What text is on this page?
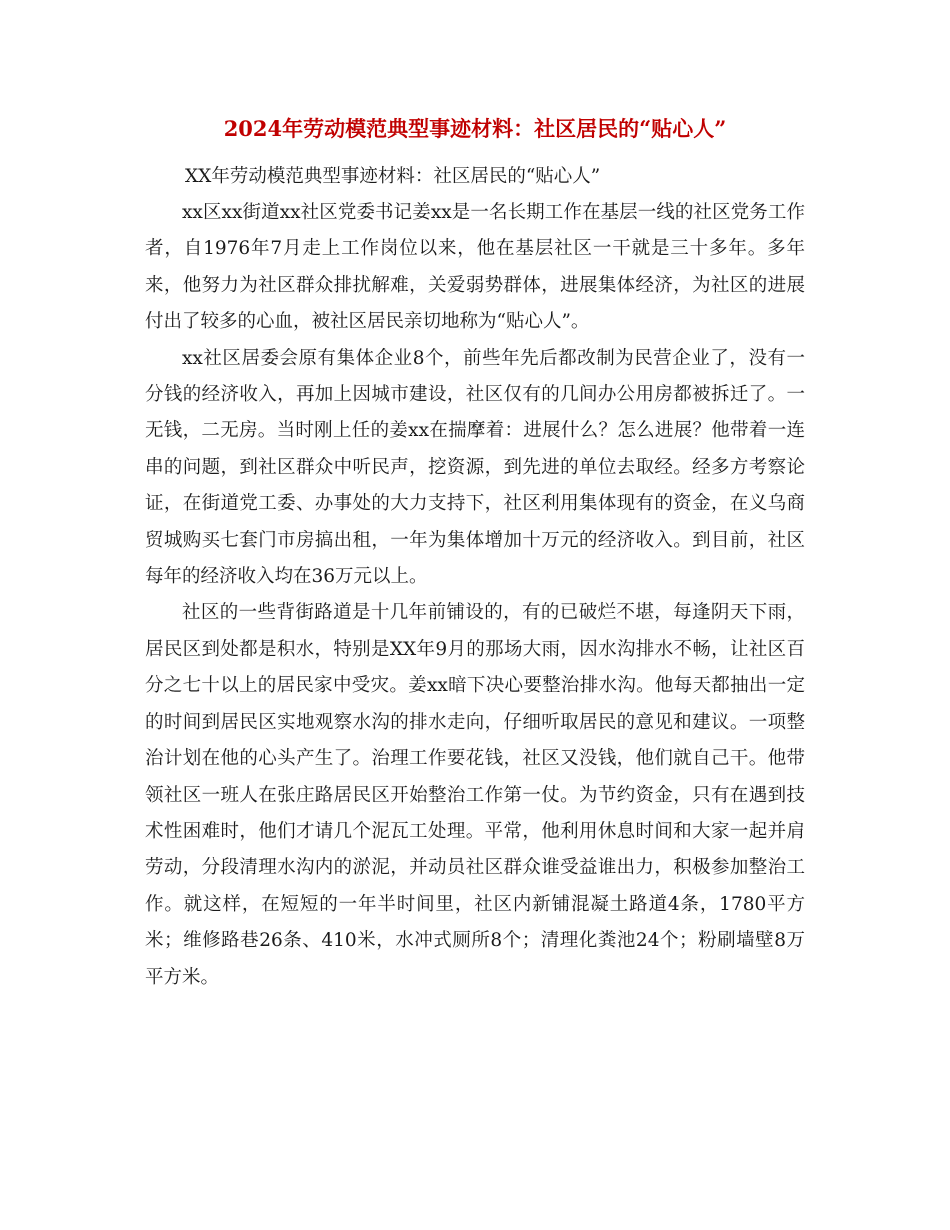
2024年劳动模范典型事迹材料：社区居民的“贴心人”

XX年劳动模范典型事迹材料：社区居民的“贴心人”

xx区xx街道xx社区党委书记姜xx是一名长期工作在基层一线的社区党务工作者，自1976年7月走上工作岗位以来，他在基层社区一干就是三十多年。多年来，他努力为社区群众排扰解难，关爱弱势群体，进展集体经济，为社区的进展付出了较多的心血，被社区居民亲切地称为“贴心人”。

xx社区居委会原有集体企业8个，前些年先后都改制为民营企业了，没有一分钱的经济收入，再加上因城市建设，社区仅有的几间办公用房都被拆迁了。一无钱，二无房。当时刚上任的姜xx在揣摩着：进展什么？怎么进展？他带着一连串的问题，到社区群众中听民声，挖资源，到先进的单位去取经。经多方考察论证，在街道党工委、办事处的大力支持下，社区利用集体现有的资金，在义乌商贸城购买七套门市房搞出租，一年为集体增加十万元的经济收入。到目前，社区每年的经济收入均在36万元以上。

社区的一些背街路道是十几年前铺设的，有的已破烂不堪，每逢阴天下雨，居民区到处都是积水，特别是XX年9月的那场大雨，因水沟排水不畅，让社区百分之七十以上的居民家中受灾。姜xx暗下决心要整治排水沟。他每天都抽出一定的时间到居民区实地观察水沟的排水走向，仔细听取居民的意见和建议。一项整治计划在他的心头产生了。治理工作要花钱，社区又没钱，他们就自己干。他带领社区一班人在张庄路居民区开始整治工作第一仗。为节约资金，只有在遇到技术性困难时，他们才请几个泥瓦工处理。平常，他利用休息时间和大家一起并肩劳动，分段清理水沟内的淤泥，并动员社区群众谁受益谁出力，积极参加整治工作。就这样，在短短的一年半时间里，社区内新铺混凝土路道4条，1780平方米；维修路巷26条、410米，水冲式厕所8个；清理化粪池24个；粉刷墙壁8万平方米。
